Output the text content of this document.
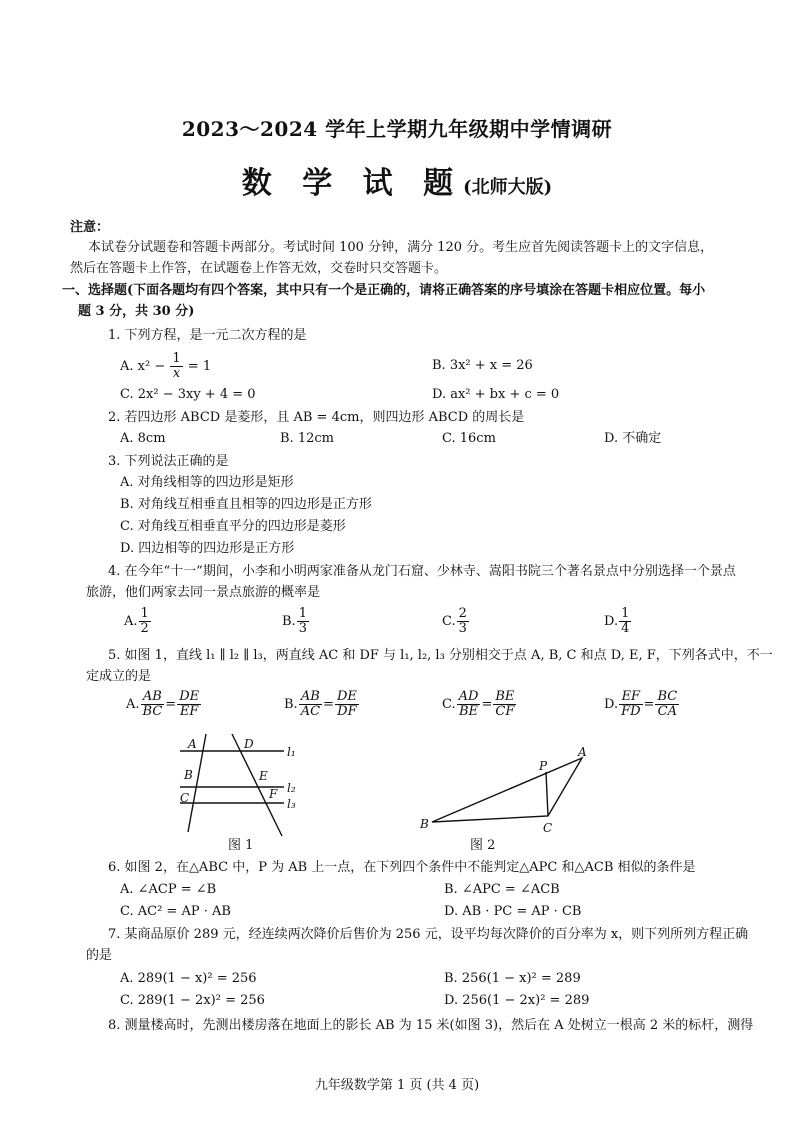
2023～2024 学年上学期九年级期中学情调研
数 学 试 题(北师大版)
注意：
本试卷分试题卷和答题卡两部分。考试时间 100 分钟，满分 120 分。考生应首先阅读答题卡上的文字信息，
然后在答题卡上作答，在试题卷上作答无效，交卷时只交答题卡。
一、选择题(下面各题均有四个答案，其中只有一个是正确的，请将正确答案的序号填涂在答题卡相应位置。每小
题 3 分，共 30 分)
1. 下列方程，是一元二次方程的是
A. $x^2 - \frac{1}{x} = 1$	B. 3x² + x = 26
C. 2x² − 3xy + 4 = 0	D. ax² + bx + c = 0
2. 若四边形 ABCD 是菱形，且 AB = 4cm，则四边形 ABCD 的周长是
A. 8cm	B. 12cm	C. 16cm	D. 不确定
3. 下列说法正确的是
A. 对角线相等的四边形是矩形
B. 对角线互相垂直且相等的四边形是正方形
C. 对角线互相垂直平分的四边形是菱形
D. 四边相等的四边形是正方形
4. 在今年“十一”期间，小李和小明两家准备从龙门石窟、少林寺、嵩阳书院三个著名景点中分别选择一个景点
旅游，他们两家去同一景点旅游的概率是
A. $\frac{1}{2}$	B. $\frac{1}{3}$	C. $\frac{2}{3}$	D. $\frac{1}{4}$
5. 如图 1，直线 l₁ ∥ l₂ ∥ l₃，两直线 AC 和 DF 与 l₁, l₂, l₃ 分别相交于点 A, B, C 和点 D, E, F，下列各式中，不一
定成立的是
A. $\frac{AB}{BC} = \frac{DE}{EF}$	B. $\frac{AB}{AC} = \frac{DE}{DF}$	C. $\frac{AD}{BE} = \frac{BE}{CF}$	D. $\frac{EF}{FD} = \frac{BC}{CA}$
A
B
C
D
E
F
l₁
l₂
l₃
图 1
A
B	C
P
图 2
6. 如图 2，在△ABC 中，P 为 AB 上一点，在下列四个条件中不能判定△APC 和△ACB 相似的条件是
A. ∠ACP = ∠B	B. ∠APC = ∠ACB
C. AC² = AP · AB	D. AB · PC = AP · CB
7. 某商品原价 289 元，经连续两次降价后售价为 256 元，设平均每次降价的百分率为 x，则下列所列方程正确
的是
A. 289(1 − x)² = 256	B. 256(1 − x)² = 289
C. 289(1 − 2x)² = 256	D. 256(1 − 2x)² = 289
8. 测量楼高时，先测出楼房落在地面上的影长 AB 为 15 米(如图 3)，然后在 A 处树立一根高 2 米的标杆，测得
九年级数学第 1 页 (共 4 页)
